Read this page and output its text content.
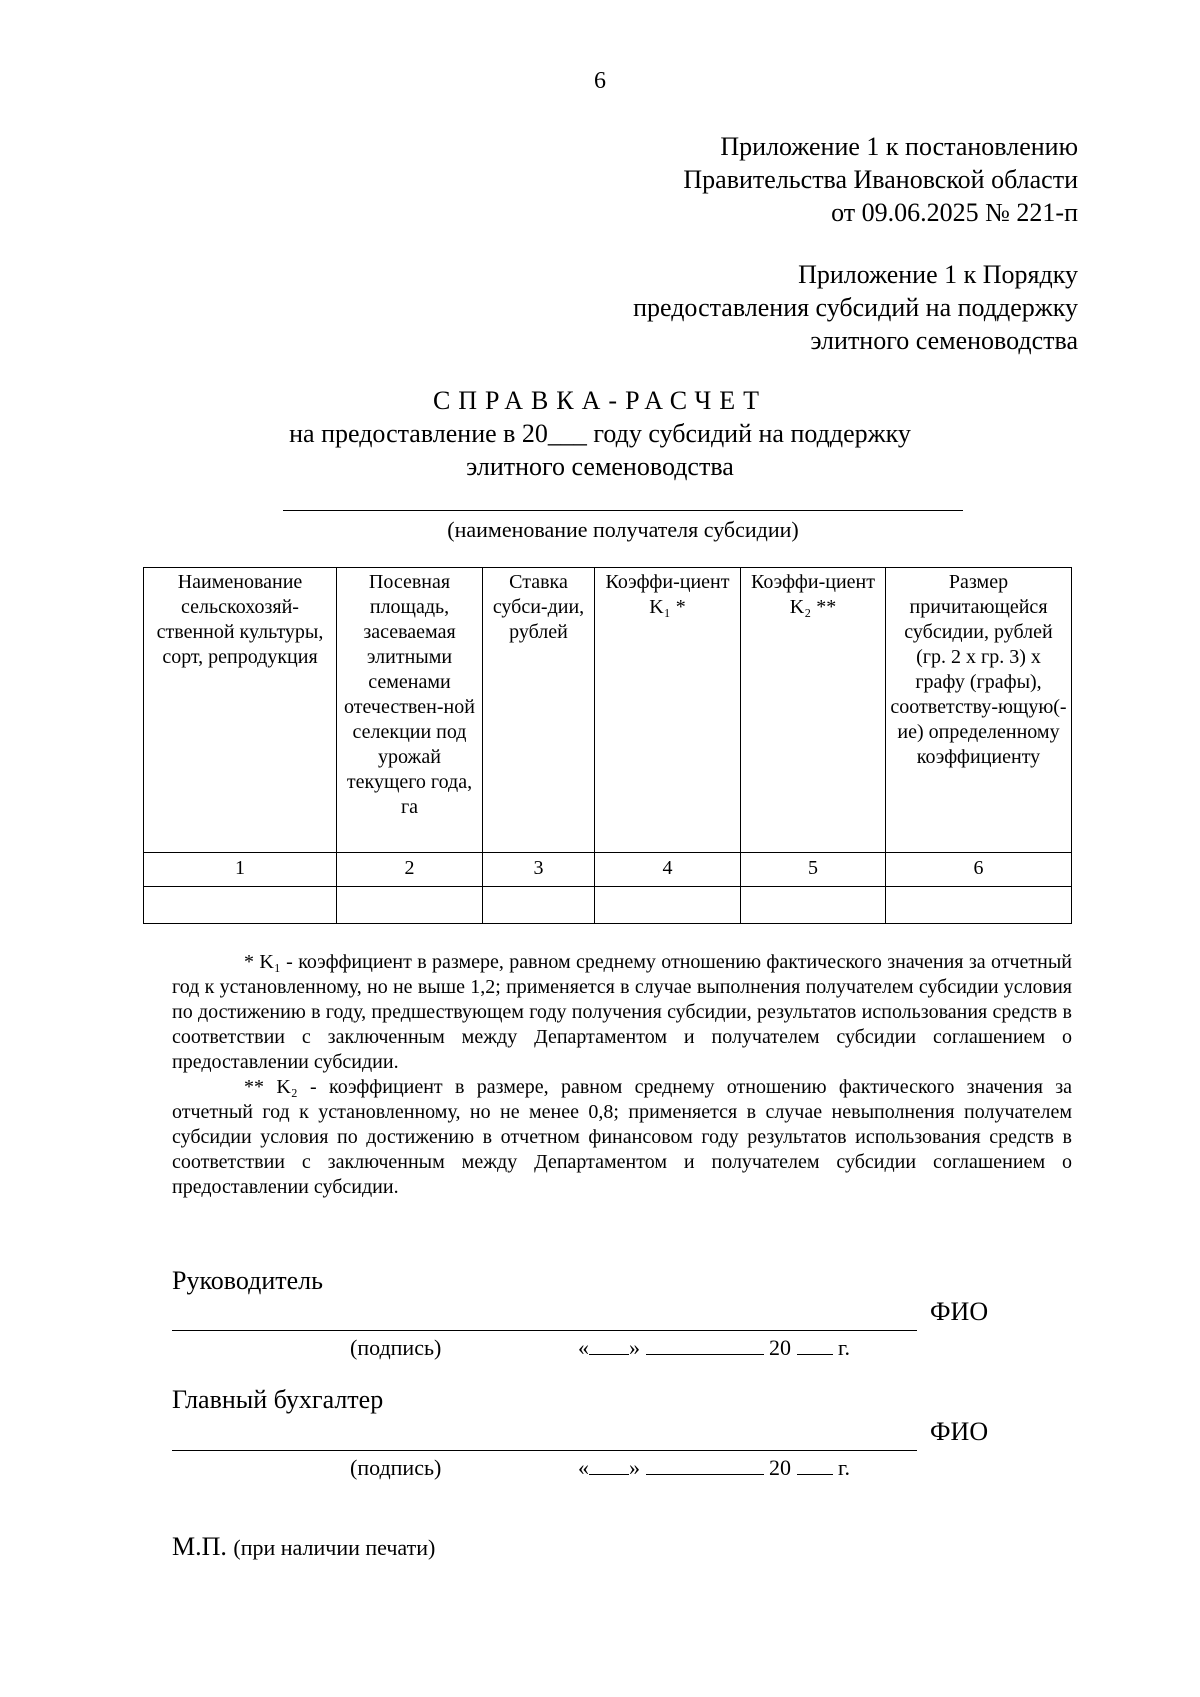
6
Приложение 1 к постановлению
Правительства Ивановской области
от 09.06.2025 № 221-п
Приложение 1 к Порядку
предоставления субсидий на поддержку
элитного семеноводства
СПРАВКА-РАСЧЕТ
на предоставление в 20___ году субсидий на поддержку
элитного семеноводства
(наименование получателя субсидии)
Наименование сельскохозяй-ственной культуры, сорт, репродукция	Посевная площадь, засеваемая элитными семенами отечествен-ной селекции под урожай текущего года, га	Ставка субси-дии, рублей	Коэффи-циент K₁ *	Коэффи-циент K₂ **	Размер причитающейся субсидии, рублей (гр. 2 х гр. 3) х графу (графы), соответству-ющую(-ие) определенному коэффициенту
1	2	3	4	5	6

* K₁ - коэффициент в размере, равном среднему отношению фактического значения за отчетный год к установленному, но не выше 1,2; применяется в случае выполнения получателем субсидии условия по достижению в году, предшествующем году получения субсидии, результатов использования средств в соответствии с заключенным между Департаментом и получателем субсидии соглашением о предоставлении субсидии.

** K₂ - коэффициент в размере, равном среднему отношению фактического значения за отчетный год к установленному, но не менее 0,8; применяется в случае невыполнения получателем субсидии условия по достижению в отчетном финансовом году результатов использования средств в соответствии с заключенным между Департаментом и получателем субсидии соглашением о предоставлении субсидии.

Руководитель
ФИО
(подпись)	« »	20 г.
Главный бухгалтер
ФИО
(подпись)	« »	20 г.
М.П. (при наличии печати)
